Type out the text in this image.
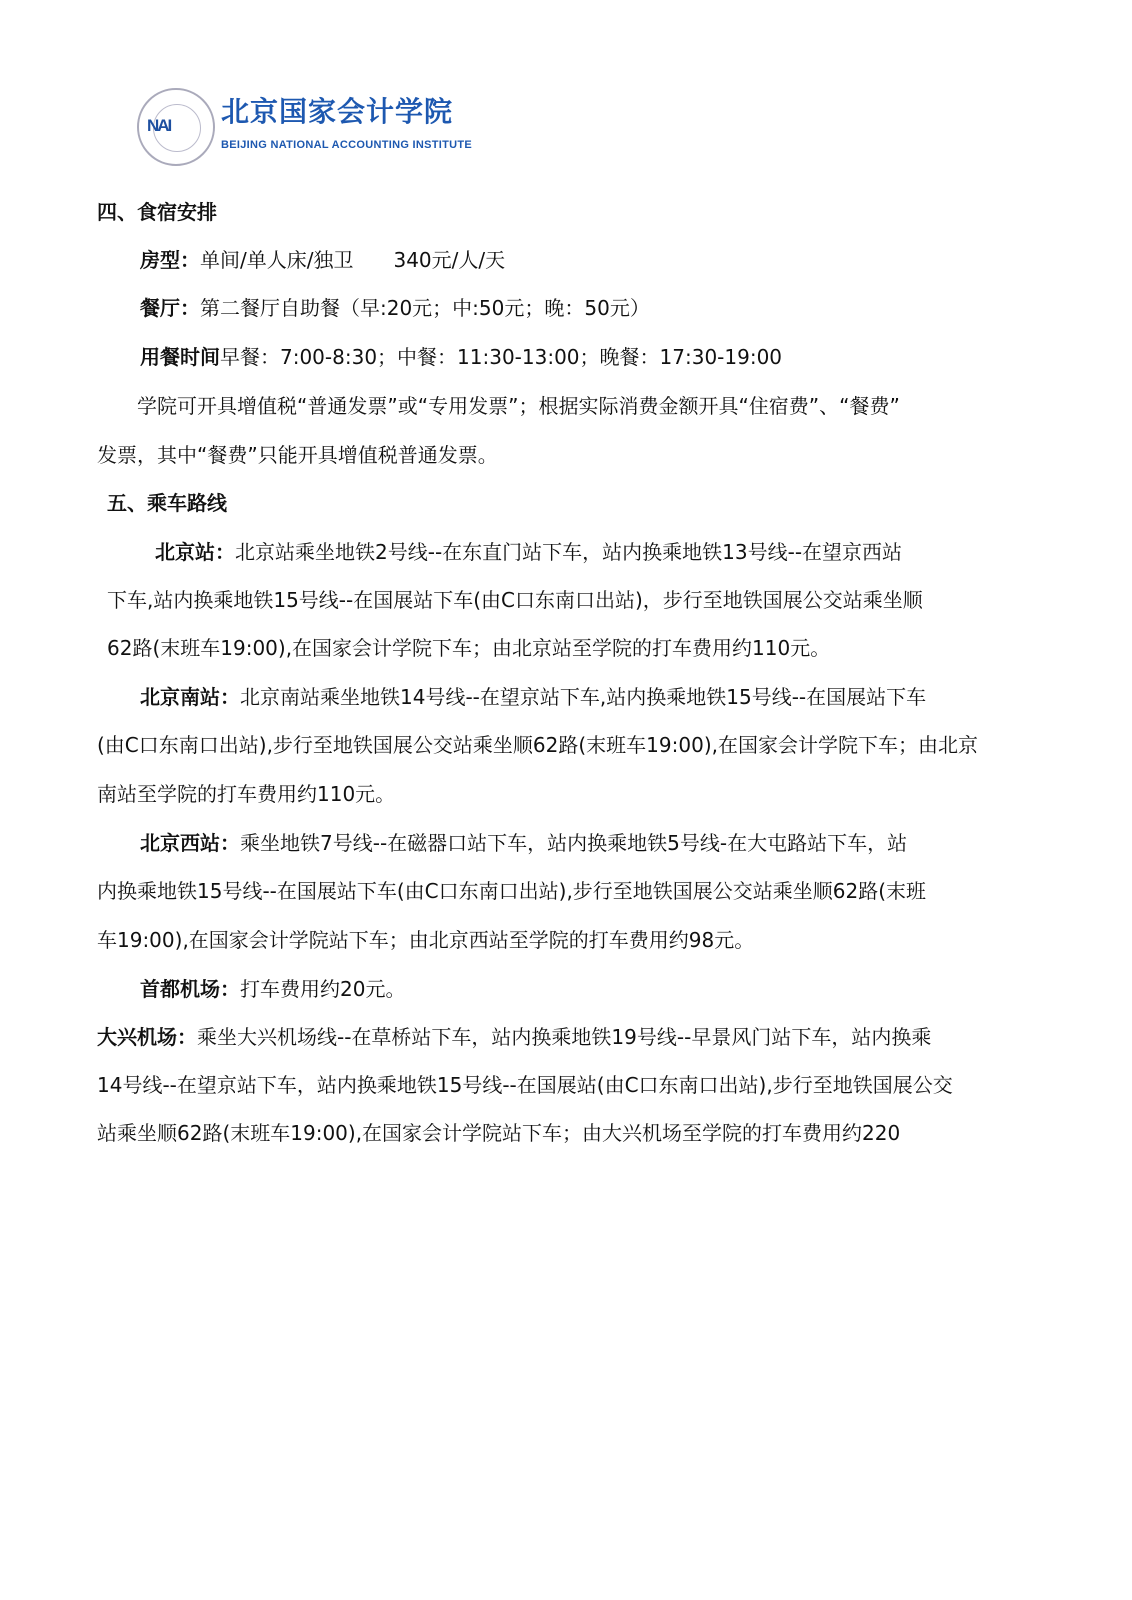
NAI 北京国家会计学院
BEIJING NATIONAL ACCOUNTING INSTITUTE
四、食宿安排
房型：单间/单人床/独卫　　340元/人/天
餐厅：第二餐厅自助餐（早:20元；中:50元；晚：50元）
用餐时间早餐：7:00-8:30；中餐：11:30-13:00；晚餐：17:30-19:00
学院可开具增值税“普通发票”或“专用发票”；根据实际消费金额开具“住宿费”、“餐费”
发票，其中“餐费”只能开具增值税普通发票。
五、乘车路线
北京站：北京站乘坐地铁2号线--在东直门站下车，站内换乘地铁13号线--在望京西站
下车,站内换乘地铁15号线--在国展站下车(由C口东南口出站)，步行至地铁国展公交站乘坐顺
62路(末班车19:00),在国家会计学院下车；由北京站至学院的打车费用约110元。
北京南站：北京南站乘坐地铁14号线--在望京站下车,站内换乘地铁15号线--在国展站下车
(由C口东南口出站),步行至地铁国展公交站乘坐顺62路(末班车19:00),在国家会计学院下车；由北京
南站至学院的打车费用约110元。
北京西站：乘坐地铁7号线--在磁器口站下车，站内换乘地铁5号线-在大屯路站下车，站
内换乘地铁15号线--在国展站下车(由C口东南口出站),步行至地铁国展公交站乘坐顺62路(末班
车19:00),在国家会计学院站下车；由北京西站至学院的打车费用约98元。
首都机场：打车费用约20元。
大兴机场：乘坐大兴机场线--在草桥站下车，站内换乘地铁19号线--早景风门站下车，站内换乘
14号线--在望京站下车，站内换乘地铁15号线--在国展站(由C口东南口出站),步行至地铁国展公交
站乘坐顺62路(末班车19:00),在国家会计学院站下车；由大兴机场至学院的打车费用约220
